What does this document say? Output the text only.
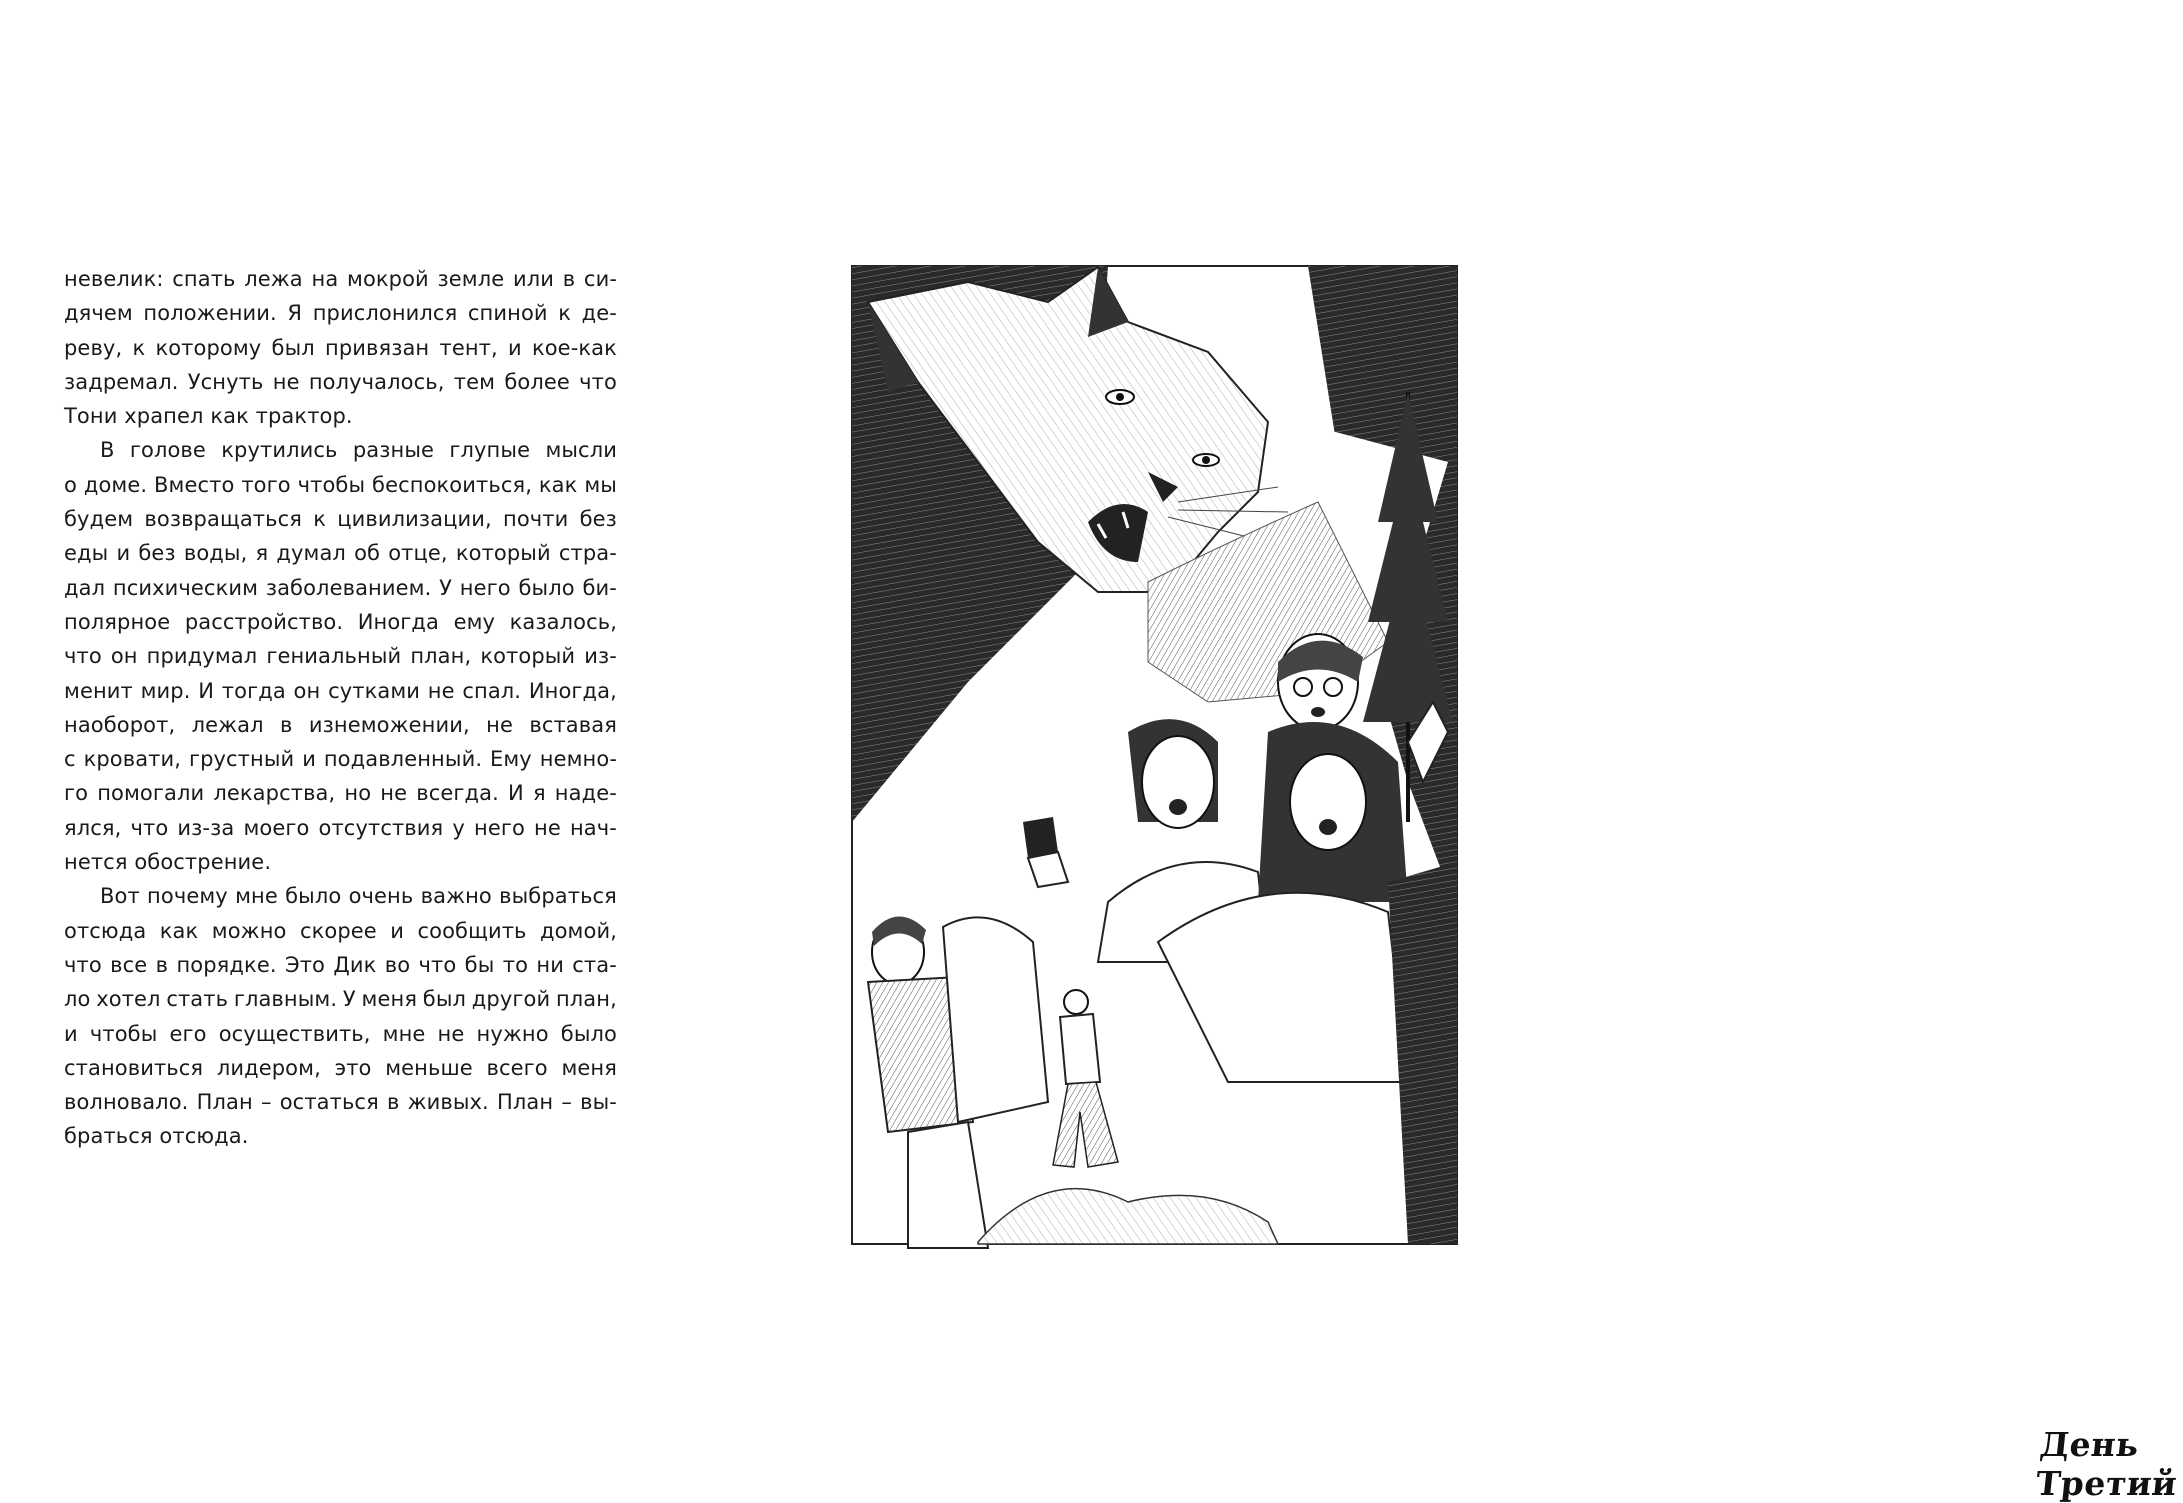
невелик: спать лежа на мокрой земле или в си-
дячем положении. Я прислонился спиной к де-
реву, к которому был привязан тент, и кое-как
задремал. Уснуть не получалось, тем более что
Тони
храпел
как
трактор.
В голове крутились разные глупые мысли
о доме. Вместо того чтобы беспокоиться, как мы
будем возвращаться к цивилизации, почти без
еды и без воды, я думал об отце, который стра-
дал психическим заболеванием. У него было би-
полярное расстройство. Иногда ему казалось,
что он придумал гениальный план, который из-
менит мир. И тогда он сутками не спал. Иногда,
наоборот, лежал в изнеможении, не вставая
с кровати, грустный и подавленный. Ему немно-
го помогали лекарства, но не всегда. И я наде-
ялся, что из-за моего отсутствия у него не нач-
нется
обострение.
Вот почему мне было очень важно выбраться
отсюда как можно скорее и сообщить домой,
что все в порядке. Это Дик во что бы то ни ста-
ло хотел стать главным. У меня был другой план,
и чтобы его осуществить, мне не нужно было
становиться лидером, это меньше всего меня
волновало. План – остаться в живых. План – вы-
браться
отсюда.
День Третий
